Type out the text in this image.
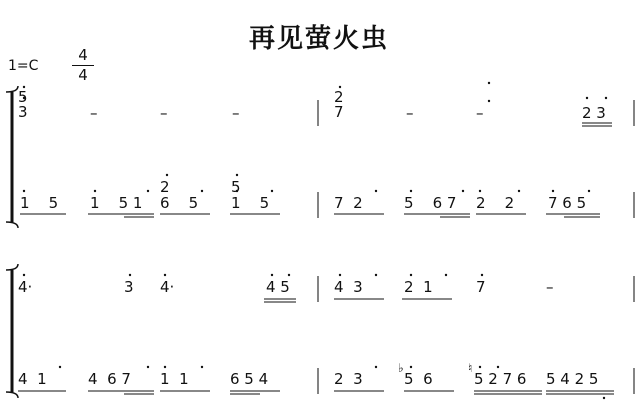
再见萤火虫
1=C
4
4
5
3	–	–	–
2
7	–	–	2 3
1    5 1    5 1
2
6    5
5
1    5	7  2	5    6 7 2    2 7 6 5
4·	3 4·	4 5	4  3	2  1	7	–
4  1	4  6 7 1  1	6 5 4	2  3
♭
5  6
♮
5 2 7 6 5 4 2 5
